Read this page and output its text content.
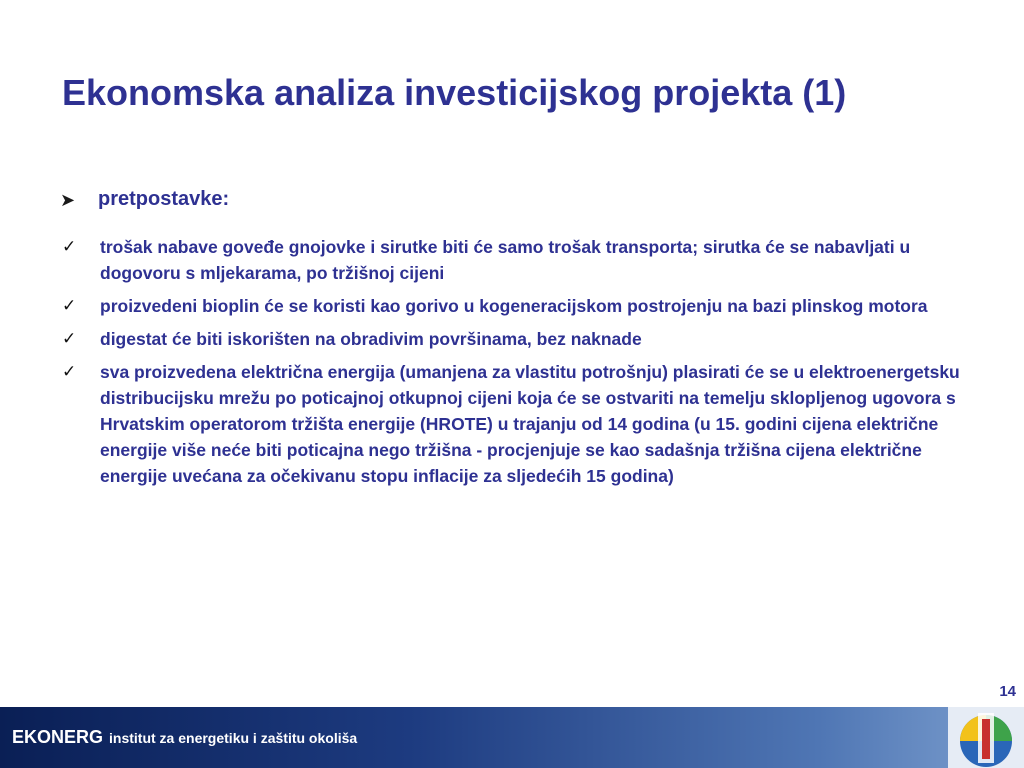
Ekonomska analiza investicijskog projekta (1)
➤	pretpostavke:
✓	trošak nabave goveđe gnojovke i sirutke biti će samo trošak transporta; sirutka će se nabavljati u dogovoru s mljekarama, po tržišnoj cijeni
✓	proizvedeni bioplin će se koristi kao gorivo u kogeneracijskom postrojenju na bazi plinskog motora
✓	digestat će biti iskorišten na obradivim površinama, bez naknade
✓	sva proizvedena električna energija (umanjena za vlastitu potrošnju) plasirati će se u elektroenergetsku distribucijsku mrežu po poticajnoj otkupnoj cijeni koja će se ostvariti na temelju sklopljenog ugovora s Hrvatskim operatorom tržišta energije (HROTE) u trajanju od 14 godina (u 15. godini cijena električne energije više neće biti poticajna nego tržišna - procjenjuje se kao sadašnja tržišna cijena električne energije uvećana za očekivanu stopu inflacije za sljedećih 15 godina)
14
EKONERG institut za energetiku i zaštitu okoliša
